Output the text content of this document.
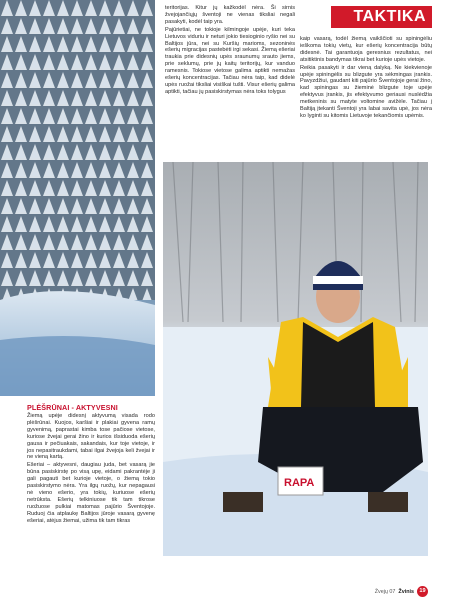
TAKTIKA
teritorijas. Kitur jų kažkodėl nėra. Ši sirnis žvejojančiųjų šventoji ne vienas tiksliai negali pasakyti, kodėl taip yra.
Pajūrietiai, ne tokioje kilmingoje upėje, kuri teka Lietuvos viduriu ir neturi jokio tiesioginio ryšio nei su Baltijos jūra, nei su Kuršių marioms, sezoninės ešerių migracijas pastebėti irgi sekasi. Žiemą ešeriai traukia prie didesnių upės sraunumų srauto jiems, prie seklumų, prie jų kaitų teritorijų, kur vanduo ramesnis. Tokiose vietose galima aptikti nemažas ešerių koncentracijas. Tačiau nėra taip, kad didelė upės ruožai tiksliai visiškai tušti. Visur ešerių galima aptikti, tačiau jų pasiskirstymas nėra toks tolygus
kaip vasarą, todėl žiemą vaikščioti su spiningėliu ieškoma tokių vietų, kur ešerių koncentracija būtų didesnė. Tai garantuoja geresnius rezultatus, nei atsitiktinis bandymas tikrai bet kurioje upės vietoje.
Reikia pasakyti ir dar vieną dalyką. Ne kiekvienoje upėje spiningėlis su blizgute yra sėkmingas įrankis. Pavyzdžiui, gaudant kiti pajūrio Šventojoje gerai žino, kad spiningas su žieminė blizgute toje upėje efektyvus įrankis, jis efektyvumo geriausi nuslėdžia metkeninis su matyte voltomine avižėle. Tačiau į Baltiją įtekanti Šventoji yra labai savita upė, jos nėra ko lyginti su kitomis Lietuvoje tekančiomis upėmis.
RAPA
PLĖŠRŪNAI - AKTYVESNI
Žiemą upėje didesnį aktyvumą visada rodo plėšrūnai. Kuojos, karšiai ir plakiai gyvena ramų gyvenimą, paprastai kimba tose pačiose vietose, kuriose žvejai gerai žino ir kurios išsiduoda ešerių gausa ir pečiuakais, sakandais, kur toje vietoje, ir jos nepasitraukdami, tabai ilgai žvejoja keli žvejai ir ne vieną kartą.
Ešeriai – aktyvesni, daugiau juda, bet vasarą jie būna pasiskirstę po visą upę, eidami pakrantėje ji gali pagauti bet kurioje vietoje, o žiemą tokio pasiskirstymo nėra. Yra ilgų ruožų, kur nepagausi nė vieno ešerio, yra tokių, kuriuose ešerių netrūksta. Ešerių telkiniuose tik tam tikrose ruožuose pulkiai matomas pajūrio Šventojoje. Ruduoj čia atplaukę Baltijos jūroje vasarą gyvenę ešeriai, atėjus žiemai, užima tik tam tikras
Žvejų 07 Žvinis 19
